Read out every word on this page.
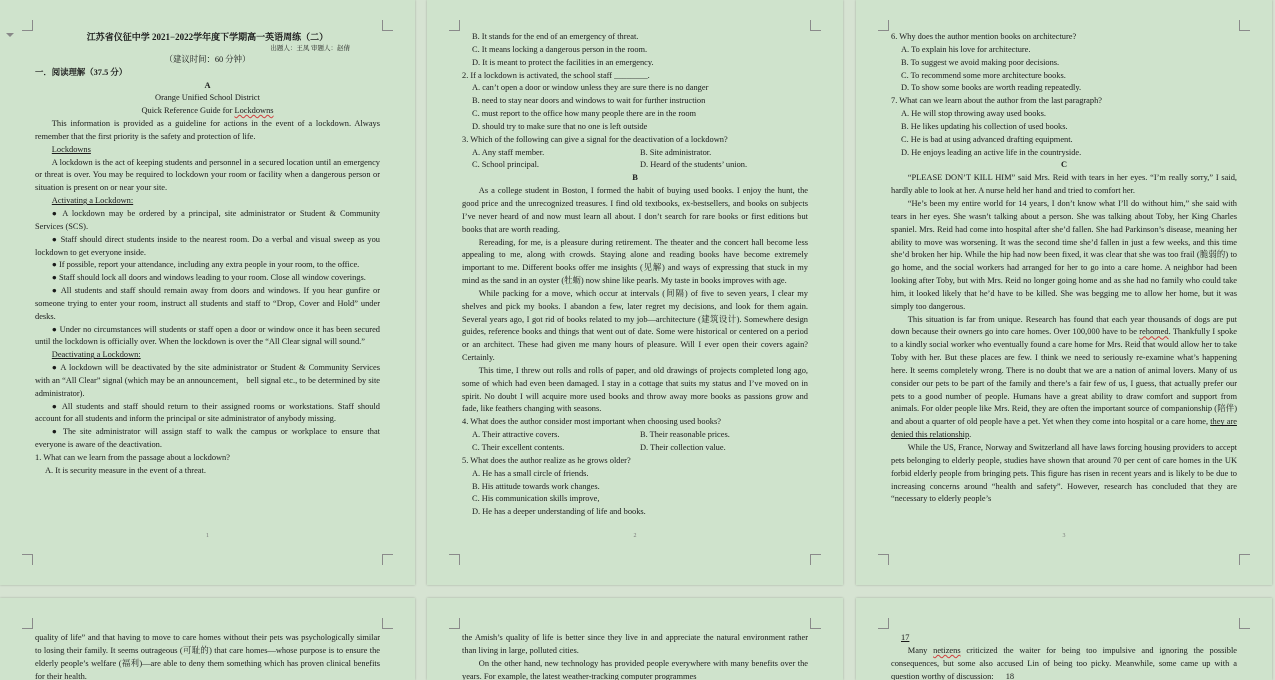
江苏省仪征中学 2021−2022学年度下学期高一英语周练（二）

出题人：王凤 审题人：赵倩

（建议时间：60 分钟）

一．阅读理解（37.5 分）

A

Orange Unified School District

Quick Reference Guide for Lockdowns

This information is provided as a guideline for actions in the event of a lockdown. Always remember that the first priority is the safety and protection of life.

Lockdowns

A lockdown is the act of keeping students and personnel in a secured location until an emergency or threat is over. You may be required to lockdown your room or facility when a dangerous person or situation is present on or near your site.

Activating a Lockdown:

● A lockdown may be ordered by a principal, site administrator or Student & Community Services (SCS).

● Staff should direct students inside to the nearest room. Do a verbal and visual sweep as you lockdown to get everyone inside.

● If possible, report your attendance, including any extra people in your room, to the office.

● Staff should lock all doors and windows leading to your room. Close all window coverings.

● All students and staff should remain away from doors and windows. If you hear gunfire or someone trying to enter your room, instruct all students and staff to “Drop, Cover and Hold” under desks.

● Under no circumstances will students or staff open a door or window once it has been secured until the lockdown is officially over. When the lockdown is over the “All Clear signal will sound.”

Deactivating a Lockdown:

● A lockdown will be deactivated by the site administrator or Student & Community Services with an “All Clear” signal (which may be an announcement， bell signal etc., to be determined by site administrator).

● All students and staff should return to their assigned rooms or workstations. Staff should account for all students and inform the principal or site administrator of anybody missing.

● The site administrator will assign staff to walk the campus or workplace to ensure that everyone is aware of the deactivation.

1. What can we learn from the passage about a lockdown?

A. It is security measure in the event of a threat.

1

B. It stands for the end of an emergency of threat.

C. It means locking a dangerous person in the room.

D. It is meant to protect the facilities in an emergency.

2. If a lockdown is activated, the school staff ________.

A. can’t open a door or window unless they are sure there is no danger

B. need to stay near doors and windows to wait for further instruction

C. must report to the office how many people there are in the room

D. should try to make sure that no one is left outside

3. Which of the following can give a signal for the deactivation of a lockdown?

A. Any staff member.	B. Site administrator.

C. School principal.	D. Heard of the students’ union.

B

As a college student in Boston, I formed the habit of buying used books. I enjoy the hunt, the good price and the unrecognized treasures. I find old textbooks, ex-bestsellers, and books on subjects I’ve never heard of and now must learn all about. I don’t search for rare books or first editions but books that are worth reading.

Rereading, for me, is a pleasure during retirement. The theater and the concert hall become less appealing to me, along with crowds. Staying alone and reading books have become extremely important to me. Different books offer me insights (见解) and ways of expressing that stuck in my mind as the sand in an oyster (牡蛎) now shine like pearls. My taste in books improves with age.

While packing for a move, which occur at intervals (间隔) of five to seven years, I clear my shelves and pick my books. I abandon a few, later regret my decisions, and look for them again. Several years ago, I got rid of books related to my job—architecture (建筑设计). Somewhere design guides, reference books and things that went out of date. Some were historical or centered on a period or an architect. These had given me many hours of pleasure. Will I ever open their covers again? Certainly.

This time, I threw out rolls and rolls of paper, and old drawings of projects completed long ago, some of which had even been damaged. I stay in a cottage that suits my status and I’ve moved on in spirit. No doubt I will acquire more used books and throw away more books as passions grow and fade, like feathers changing with seasons.

4. What does the author consider most important when choosing used books?

A. Their attractive covers.	B. Their reasonable prices.

C. Their excellent contents.	D. Their collection value.

5. What does the author realize as he grows older?

A. He has a small circle of friends.

B. His attitude towards work changes.

C. His communication skills improve,

D. He has a deeper understanding of life and books.

2

6. Why does the author mention books on architecture?

A. To explain his love for architecture.

B. To suggest we avoid making poor decisions.

C. To recommend some more architecture books.

D. To show some books are worth reading repeatedly.

7. What can we learn about the author from the last paragraph?

A. He will stop throwing away used books.

B. He likes updating his collection of used books.

C. He is bad at using advanced drafting equipment.

D. He enjoys leading an active life in the countryside.

C

“PLEASE DON’T KILL HIM” said Mrs. Reid with tears in her eyes. “I’m really sorry,” I said, hardly able to look at her. A nurse held her hand and tried to comfort her.

“He’s been my entire world for 14 years, I don’t know what I’ll do without him,” she said with tears in her eyes. She wasn’t talking about a person. She was talking about Toby, her King Charles spaniel. Mrs. Reid had come into hospital after she’d fallen. She had Parkinson’s disease, meaning her ability to move was worsening. It was the second time she’d fallen in just a few weeks, and this time she’d broken her hip. While the hip had now been fixed, it was clear that she was too frail (脆弱的) to go home, and the social workers had arranged for her to go into a care home. A neighbor had been looking after Toby, but with Mrs. Reid no longer going home and as she had no family who could take him, it looked likely that he’d have to be killed. She was begging me to allow her home, but it was simply too dangerous.

This situation is far from unique. Research has found that each year thousands of dogs are put down because their owners go into care homes. Over 100,000 have to be rehomed. Thankfully I spoke to a kindly social worker who eventually found a care home for Mrs. Reid that would allow her to take Toby with her. But these places are few. I think we need to seriously re-examine what’s happening here. It seems completely wrong. There is no doubt that we are a nation of animal lovers. Many of us consider our pets to be part of the family and there’s a fair few of us, I guess, that actually prefer our pets to a good number of people. Humans have a great ability to draw comfort and support from animals. For older people like Mrs. Reid, they are often the important source of companionship (陪伴) and about a quarter of old people have a pet. Yet when they come into hospital or a care home, they are denied this relationship.

While the US, France, Norway and Switzerland all have laws forcing housing providers to accept pets belonging to elderly people, studies have shown that around 70 per cent of care homes in the UK forbid elderly people from bringing pets. This figure has risen in recent years and is likely to be due to increasing concerns around “health and safety”. However, research has concluded that they are “necessary to elderly people’s

3

quality of life” and that having to move to care homes without their pets was psychologically similar to losing their family. It seems outrageous (可耻的) that care homes—whose purpose is to ensure the elderly people’s welfare (福利)—are able to deny them something which has proven clinical benefits for their health.

the Amish’s quality of life is better since they live in and appreciate the natural environment rather than living in large, polluted cities.

On the other hand, new technology has provided people everywhere with many benefits over the years. For example, the latest weather-tracking computer programmes

17

Many netizens criticized the waiter for being too impulsive and ignoring the possible consequences, but some also accused Lin of being too picky. Meanwhile, some came up with a question worthy of discussion: 18
